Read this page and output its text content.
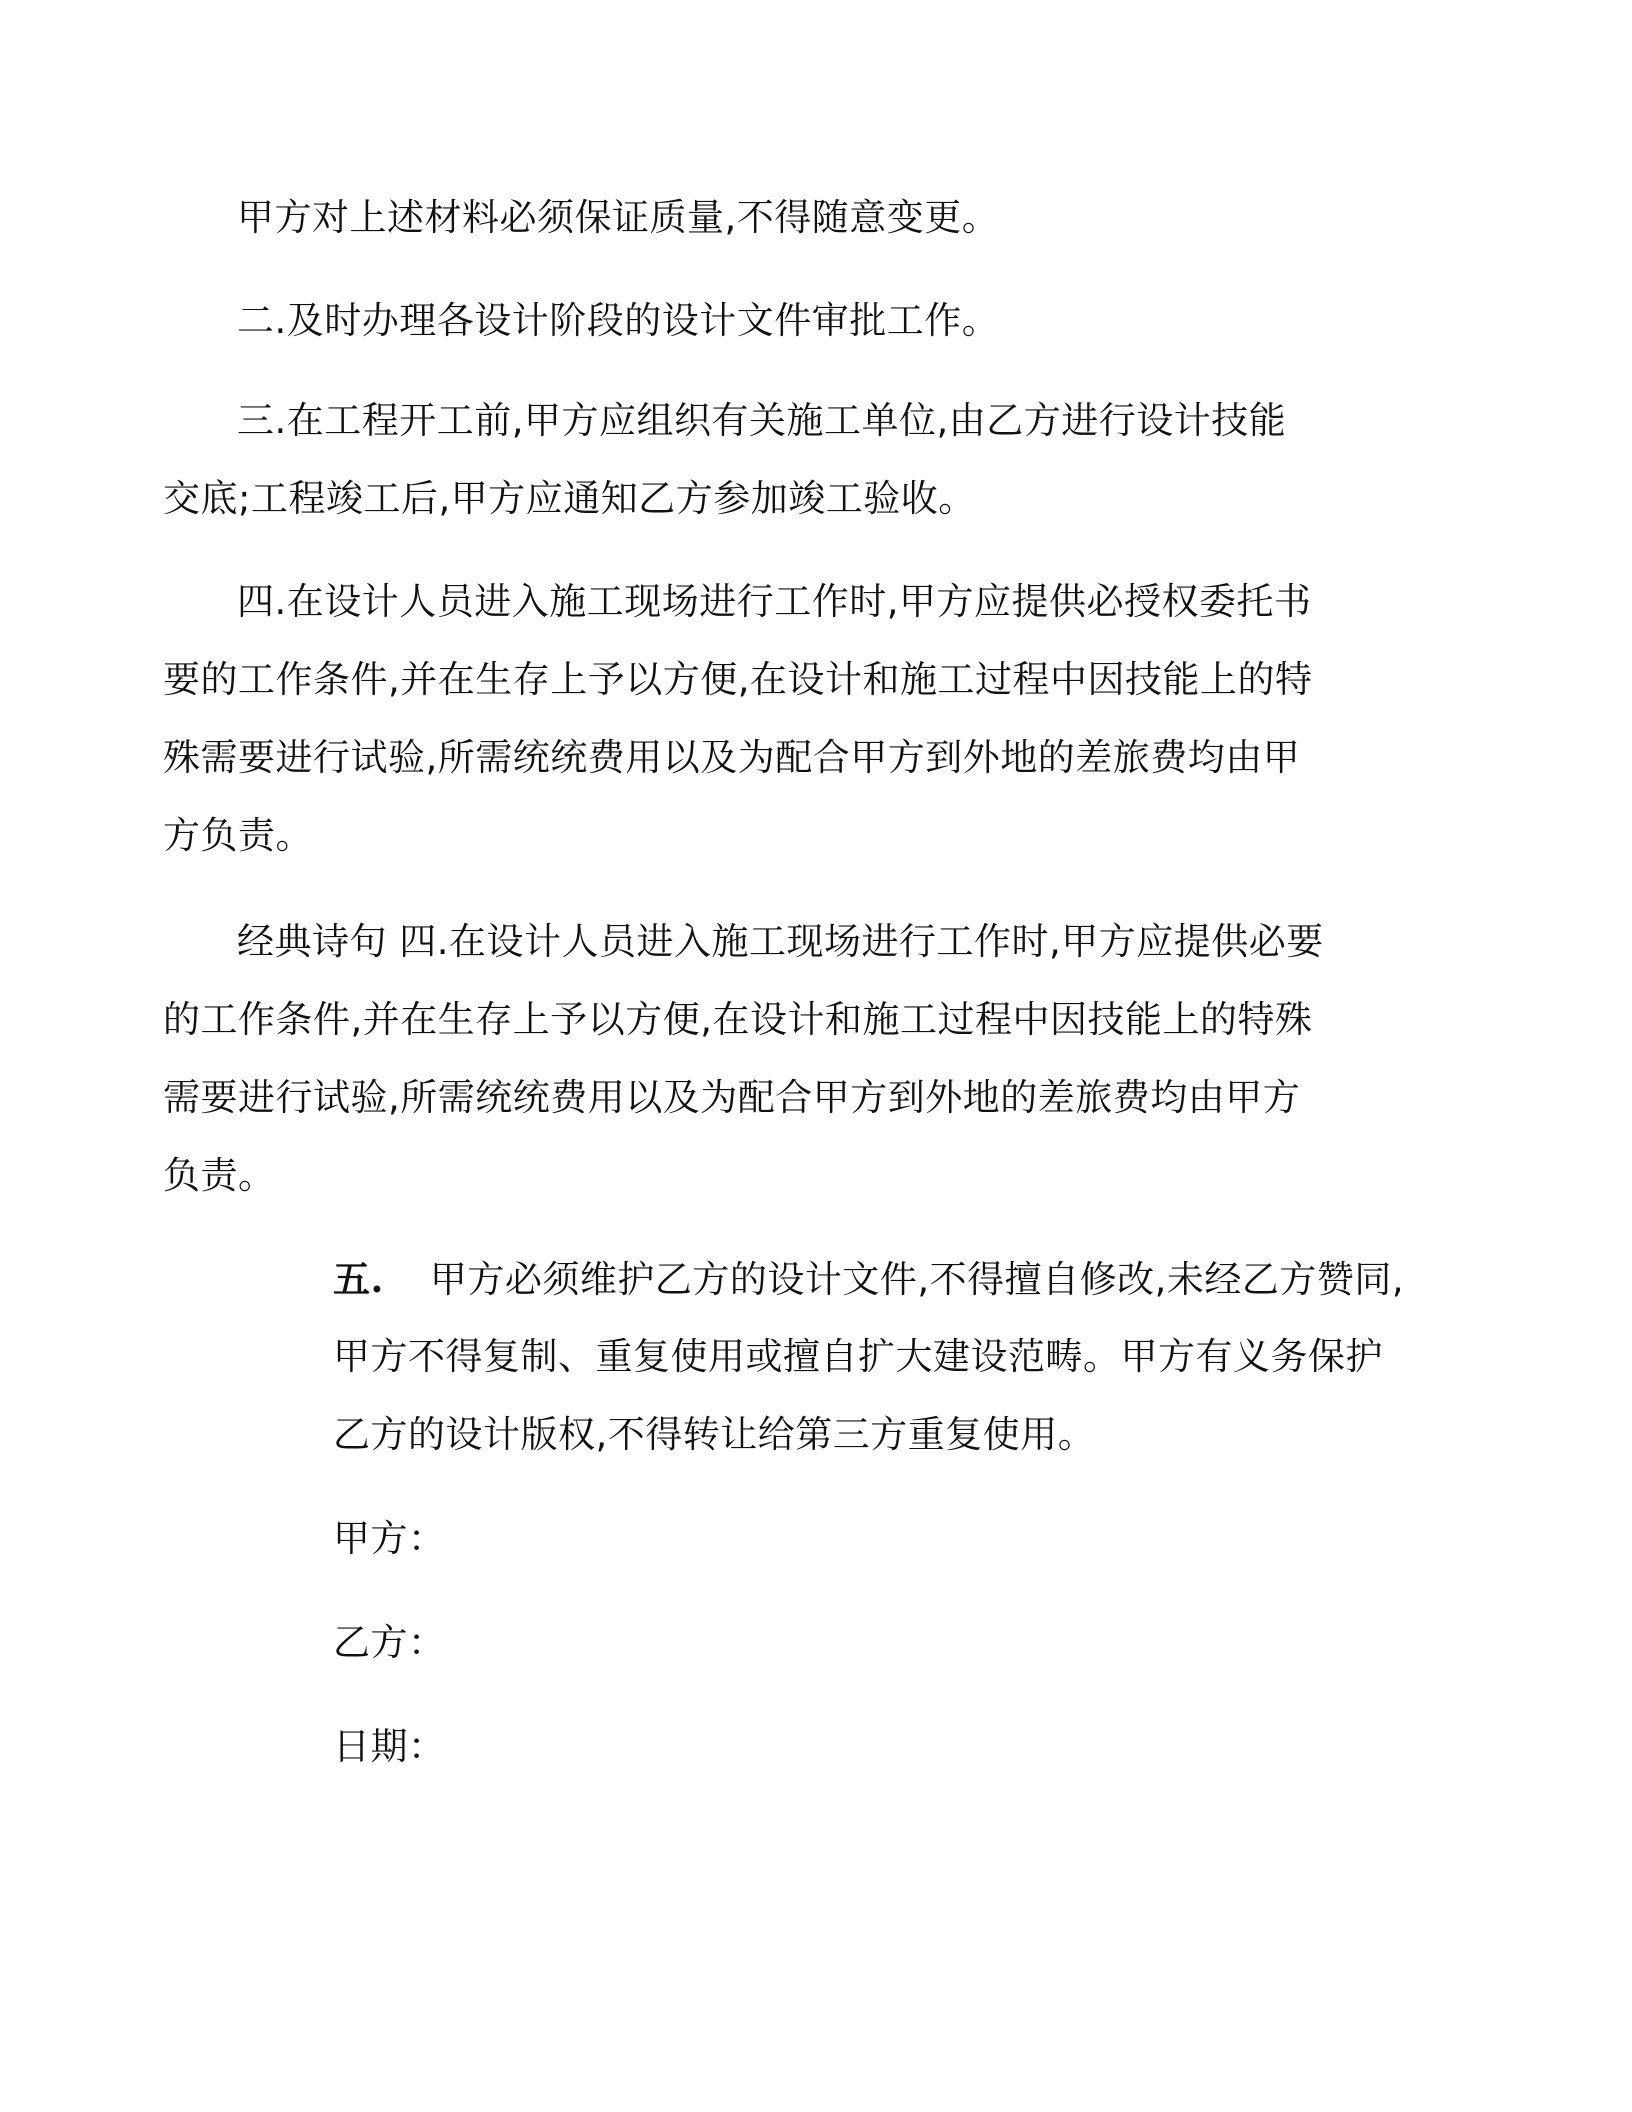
甲方对上述材料必须保证质量,不得随意变更。

二.及时办理各设计阶段的设计文件审批工作。

三.在工程开工前,甲方应组织有关施工单位,由乙方进行设计技能

交底;工程竣工后,甲方应通知乙方参加竣工验收。

四.在设计人员进入施工现场进行工作时,甲方应提供必授权委托书

要的工作条件,并在生存上予以方便,在设计和施工过程中因技能上的特

殊需要进行试验,所需统统费用以及为配合甲方到外地的差旅费均由甲

方负责。

经典诗句 四.在设计人员进入施工现场进行工作时,甲方应提供必要

的工作条件,并在生存上予以方便,在设计和施工过程中因技能上的特殊

需要进行试验,所需统统费用以及为配合甲方到外地的差旅费均由甲方

负责。

五. 甲方必须维护乙方的设计文件,不得擅自修改,未经乙方赞同,

甲方不得复制、重复使用或擅自扩大建设范畴。甲方有义务保护

乙方的设计版权,不得转让给第三方重复使用。

甲方：

乙方：

日期：
